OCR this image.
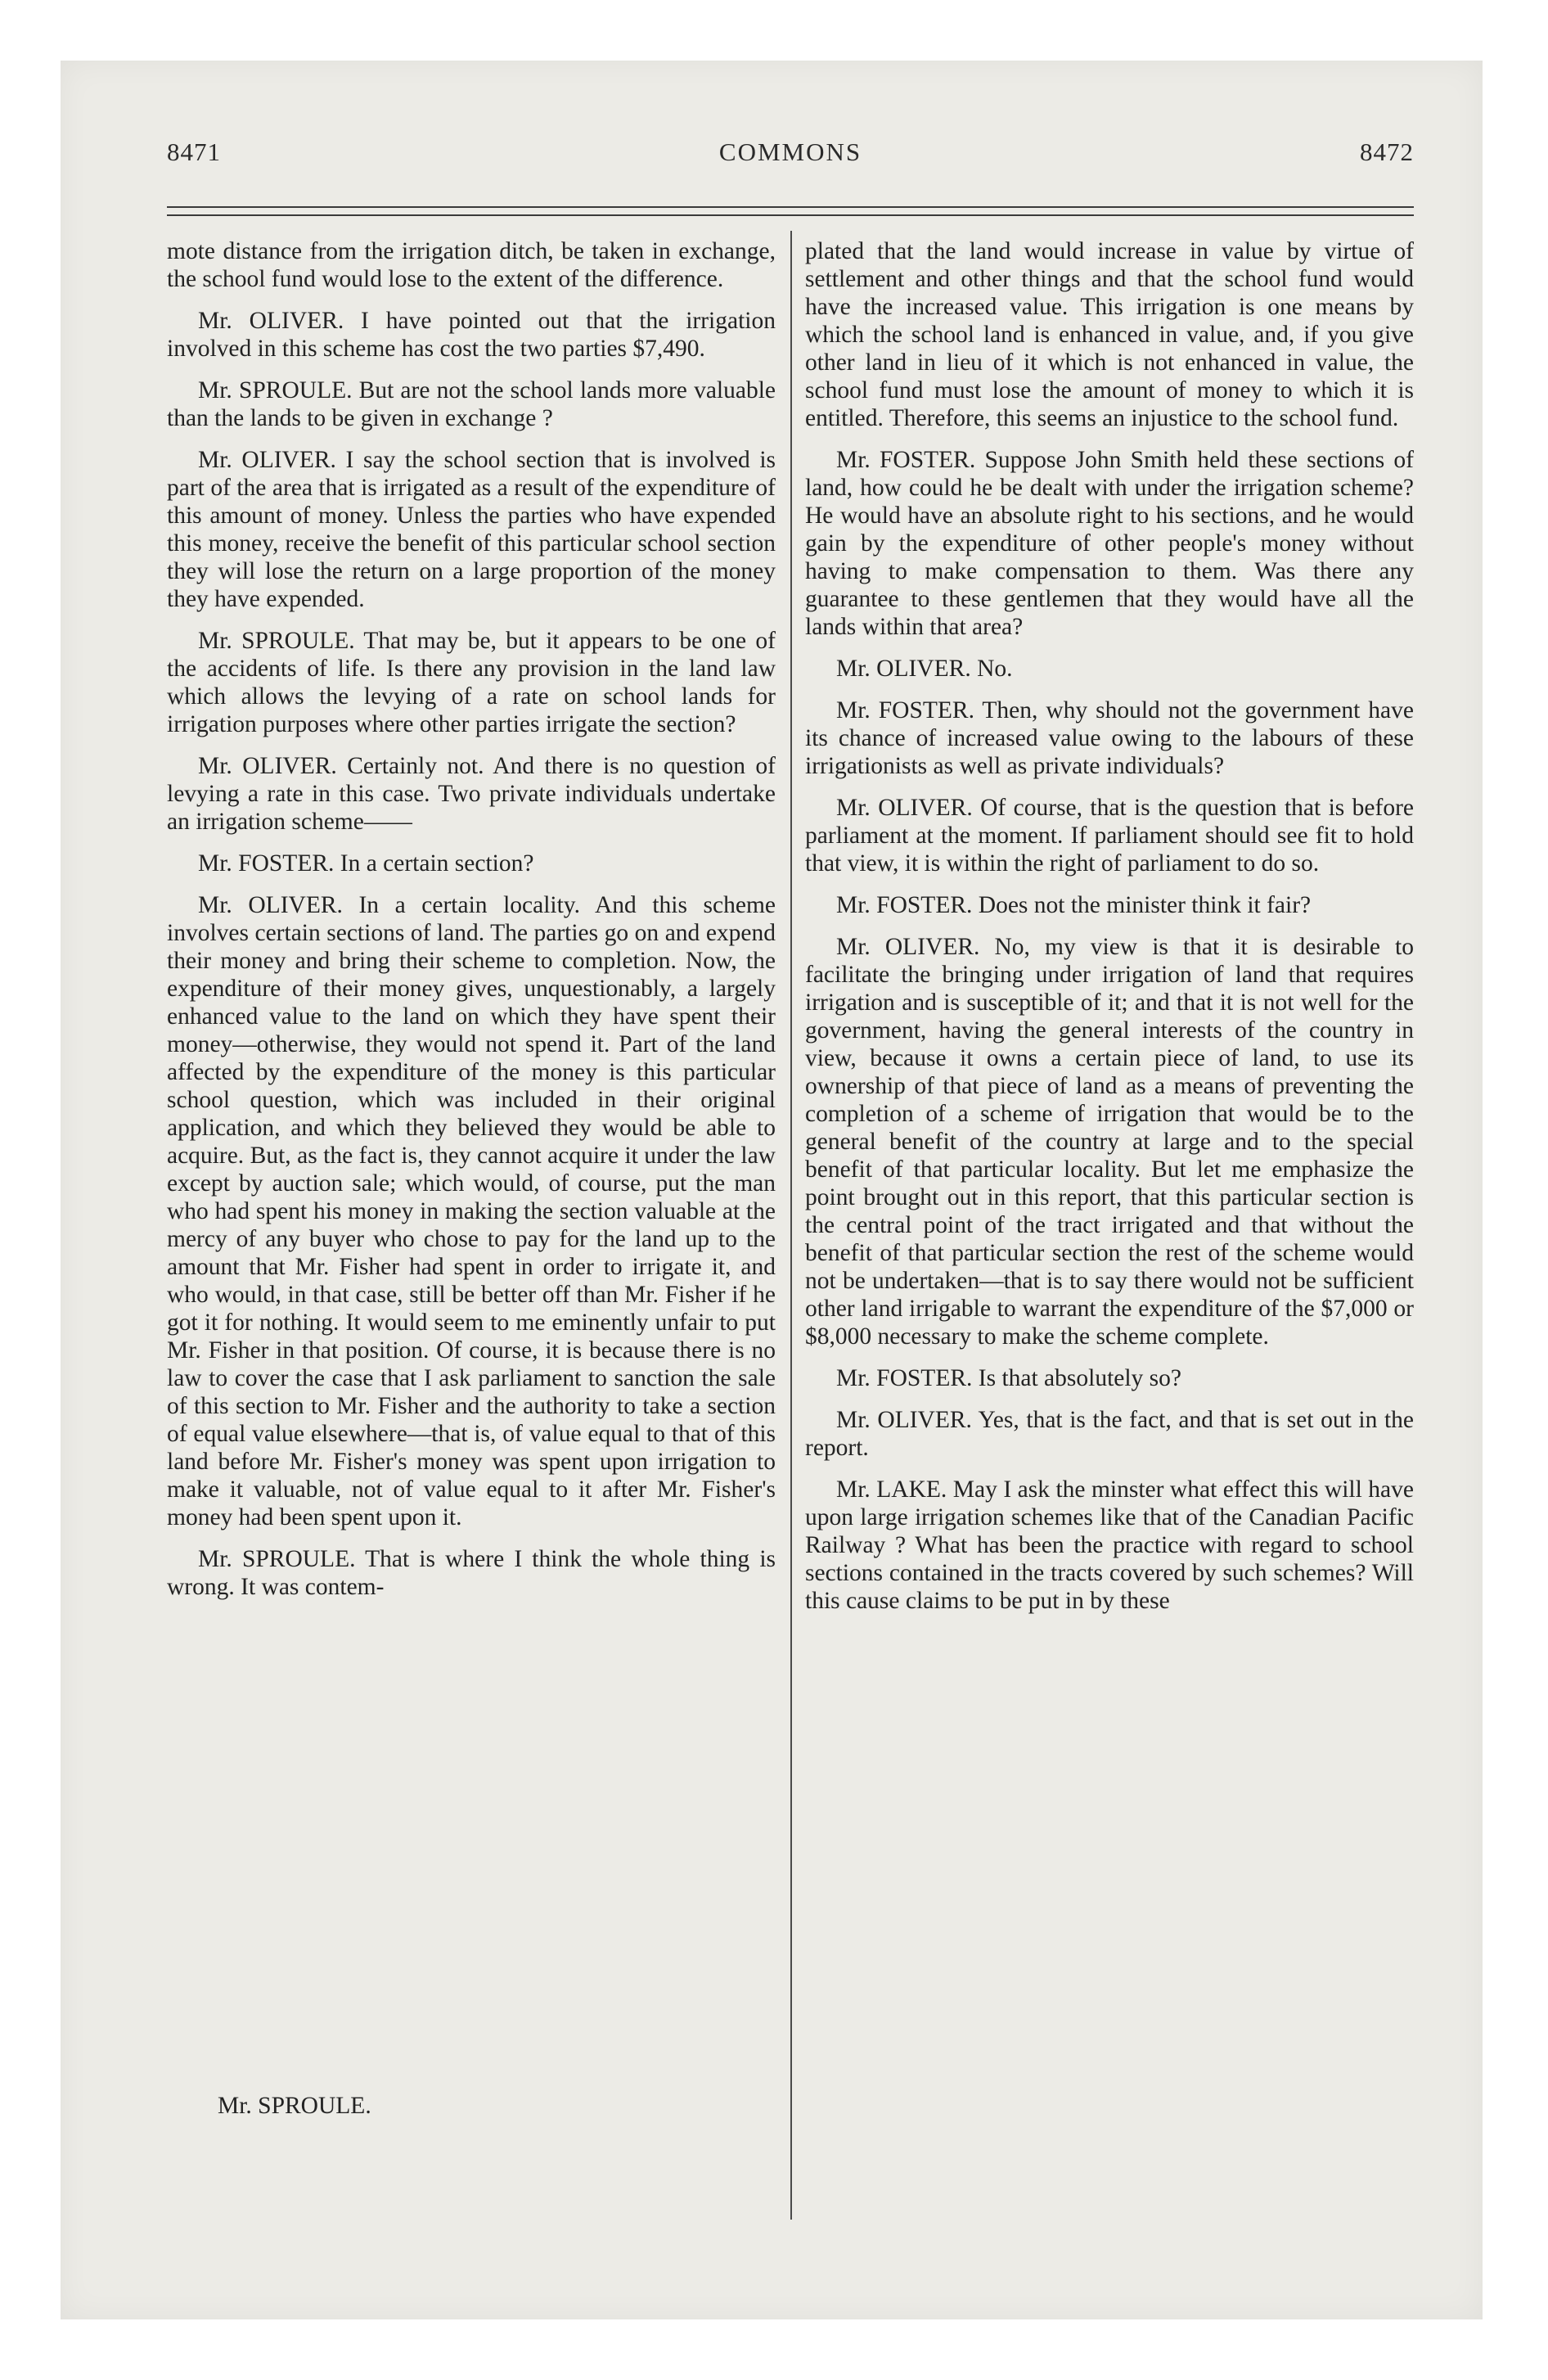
8471	COMMONS	8472

mote distance from the irrigation ditch, be taken in exchange, the school fund would lose to the extent of the difference.

Mr. OLIVER. I have pointed out that the irrigation involved in this scheme has cost the two parties $7,490.

Mr. SPROULE. But are not the school lands more valuable than the lands to be given in exchange ?

Mr. OLIVER. I say the school section that is involved is part of the area that is irrigated as a result of the expenditure of this amount of money. Unless the parties who have expended this money, receive the benefit of this particular school section they will lose the return on a large proportion of the money they have expended.

Mr. SPROULE. That may be, but it appears to be one of the accidents of life. Is there any provision in the land law which allows the levying of a rate on school lands for irrigation purposes where other parties irrigate the section?

Mr. OLIVER. Certainly not. And there is no question of levying a rate in this case. Two private individuals undertake an irrigation scheme——

Mr. FOSTER. In a certain section?

Mr. OLIVER. In a certain locality. And this scheme involves certain sections of land. The parties go on and expend their money and bring their scheme to completion. Now, the expenditure of their money gives, unquestionably, a largely enhanced value to the land on which they have spent their money—otherwise, they would not spend it. Part of the land affected by the expenditure of the money is this particular school question, which was included in their original application, and which they believed they would be able to acquire. But, as the fact is, they cannot acquire it under the law except by auction sale; which would, of course, put the man who had spent his money in making the section valuable at the mercy of any buyer who chose to pay for the land up to the amount that Mr. Fisher had spent in order to irrigate it, and who would, in that case, still be better off than Mr. Fisher if he got it for nothing. It would seem to me eminently unfair to put Mr. Fisher in that position. Of course, it is because there is no law to cover the case that I ask parliament to sanction the sale of this section to Mr. Fisher and the authority to take a section of equal value elsewhere—that is, of value equal to that of this land before Mr. Fisher's money was spent upon irrigation to make it valuable, not of value equal to it after Mr. Fisher's money had been spent upon it.

Mr. SPROULE. That is where I think the whole thing is wrong. It was contem-

Mr. SPROULE.

plated that the land would increase in value by virtue of settlement and other things and that the school fund would have the increased value. This irrigation is one means by which the school land is enhanced in value, and, if you give other land in lieu of it which is not enhanced in value, the school fund must lose the amount of money to which it is entitled. Therefore, this seems an injustice to the school fund.

Mr. FOSTER. Suppose John Smith held these sections of land, how could he be dealt with under the irrigation scheme? He would have an absolute right to his sections, and he would gain by the expenditure of other people's money without having to make compensation to them. Was there any guarantee to these gentlemen that they would have all the lands within that area?

Mr. OLIVER. No.

Mr. FOSTER. Then, why should not the government have its chance of increased value owing to the labours of these irrigationists as well as private individuals?

Mr. OLIVER. Of course, that is the question that is before parliament at the moment. If parliament should see fit to hold that view, it is within the right of parliament to do so.

Mr. FOSTER. Does not the minister think it fair?

Mr. OLIVER. No, my view is that it is desirable to facilitate the bringing under irrigation of land that requires irrigation and is susceptible of it; and that it is not well for the government, having the general interests of the country in view, because it owns a certain piece of land, to use its ownership of that piece of land as a means of preventing the completion of a scheme of irrigation that would be to the general benefit of the country at large and to the special benefit of that particular locality. But let me emphasize the point brought out in this report, that this particular section is the central point of the tract irrigated and that without the benefit of that particular section the rest of the scheme would not be undertaken—that is to say there would not be sufficient other land irrigable to warrant the expenditure of the $7,000 or $8,000 necessary to make the scheme complete.

Mr. FOSTER. Is that absolutely so?

Mr. OLIVER. Yes, that is the fact, and that is set out in the report.

Mr. LAKE. May I ask the minster what effect this will have upon large irrigation schemes like that of the Canadian Pacific Railway ? What has been the practice with regard to school sections contained in the tracts covered by such schemes? Will this cause claims to be put in by these
